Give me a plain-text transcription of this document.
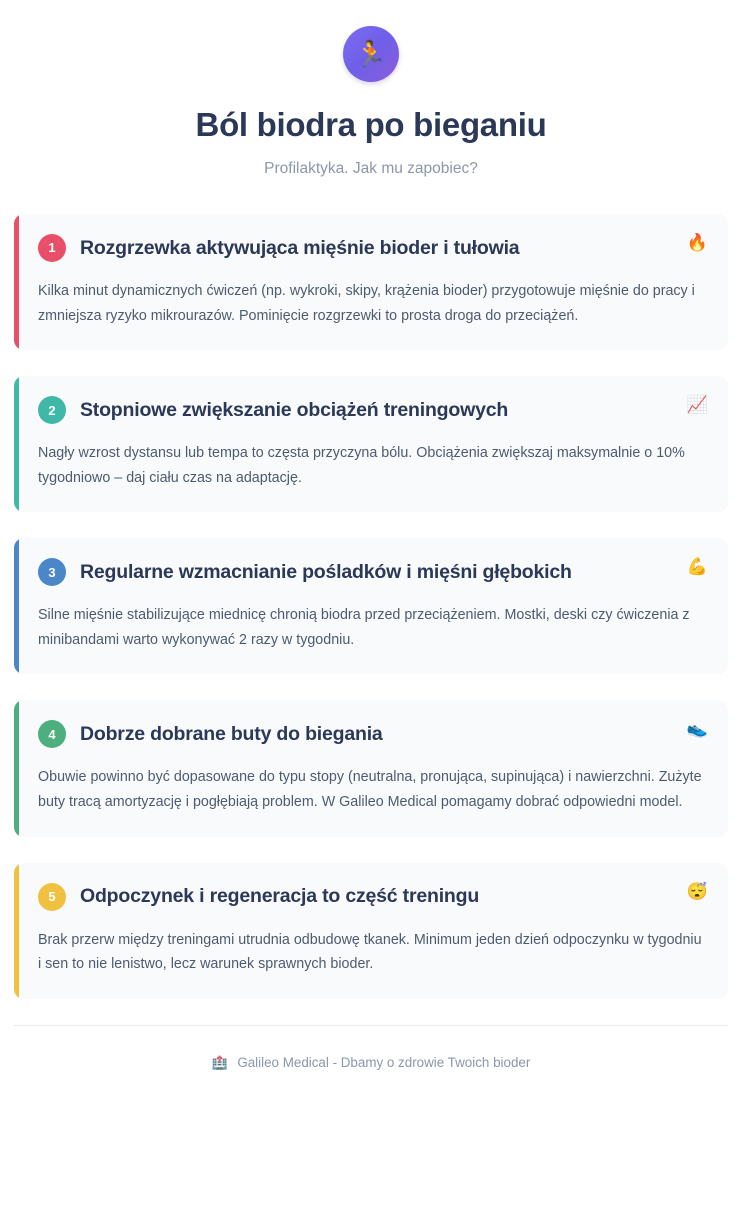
🏃
Ból biodra po bieganiu

Profilaktyka. Jak mu zapobiec?

🔥
1	Rozgrzewka aktywująca mięśnie bioder i tułowia
Kilka minut dynamicznych ćwiczeń (np. wykroki, skipy, krążenia bioder) przygotowuje mięśnie do pracy i zmniejsza ryzyko mikrourazów. Pominięcie rozgrzewki to prosta droga do przeciążeń.
📈
2	Stopniowe zwiększanie obciążeń treningowych
Nagły wzrost dystansu lub tempa to częsta przyczyna bólu. Obciążenia zwiększaj maksymalnie o 10% tygodniowo – daj ciału czas na adaptację.
💪
3	Regularne wzmacnianie pośladków i mięśni głębokich
Silne mięśnie stabilizujące miednicę chronią biodra przed przeciążeniem. Mostki, deski czy ćwiczenia z minibandami warto wykonywać 2 razy w tygodniu.
👟
4	Dobrze dobrane buty do biegania
Obuwie powinno być dopasowane do typu stopy (neutralna, pronująca, supinująca) i nawierzchni. Zużyte buty tracą amortyzację i pogłębiają problem. W Galileo Medical pomagamy dobrać odpowiedni model.
😴
5	Odpoczynek i regeneracja to część treningu
Brak przerw między treningami utrudnia odbudowę tkanek. Minimum jeden dzień odpoczynku w tygodniu i sen to nie lenistwo, lecz warunek sprawnych bioder.
🏥 Galileo Medical - Dbamy o zdrowie Twoich bioder
